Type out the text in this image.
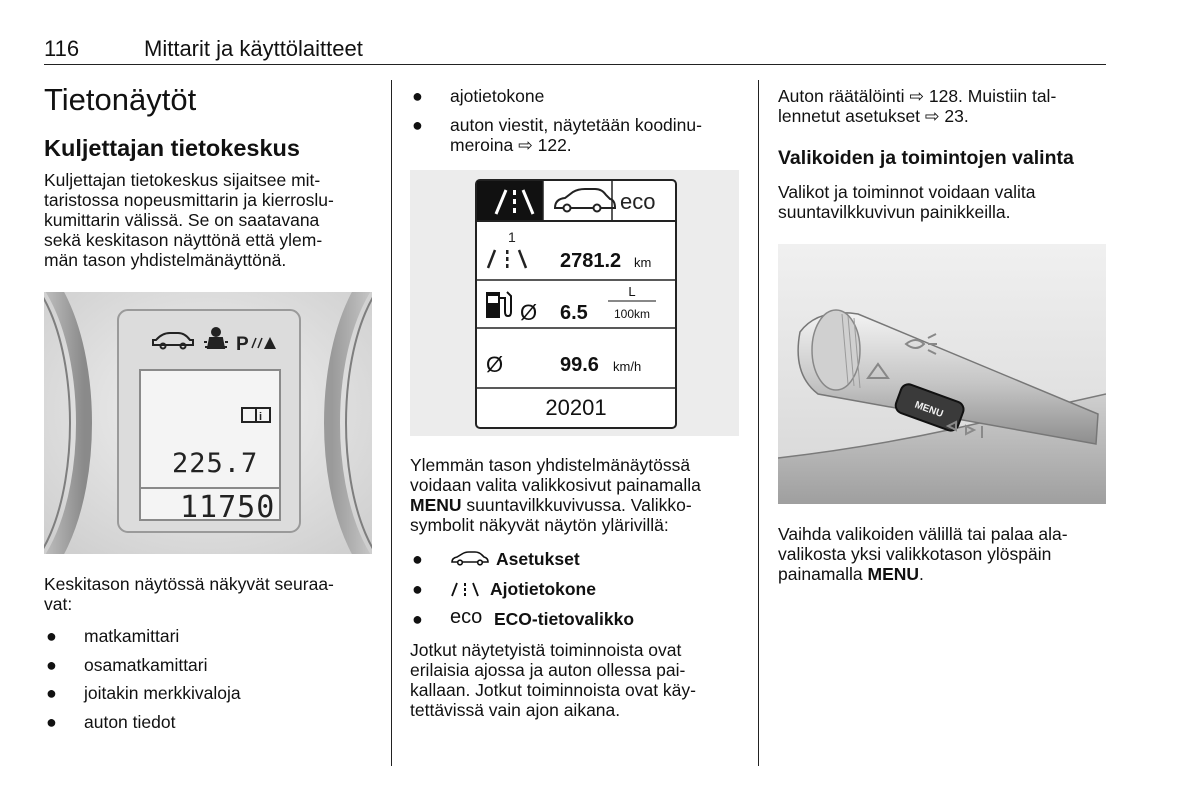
116	Mittarit ja käyttölaitteet
Tietonäytöt
Kuljettajan tietokeskus

Kuljettajan tietokeskus sijaitsee mit-

taristossa nopeusmittarin ja kierroslu-

kumittarin välissä. Se on saatavana

sekä keskitason näyttönä että ylem-

män tason yhdistelmänäyttönä.

P
i
225.7
11750

Keskitason näytössä näkyvät seuraa-

vat:

● matkamittari
● osamatkamittari
● joitakin merkkivaloja
● auton tiedot
● ajotietokone
● auton viestit, näytetään koodinu-
meroina ⇨ 122.
eco
1
2781.2 km
Ø 6.5
L
100km
Ø	99.6 km/h
20201

Ylemmän tason yhdistelmänäytössä

voidaan valita valikkosivut painamalla

MENU suuntavilkkuvivussa. Valikko-

symbolit näkyvät näytön ylärivillä:

●	Asetukset
●	Ajotietokone
● eco ECO-tietovalikko

Jotkut näytetyistä toiminnoista ovat

erilaisia ajossa ja auton ollessa pai-

kallaan. Jotkut toiminnoista ovat käy-

tettävissä vain ajon aikana.

Auton räätälöinti ⇨ 128. Muistiin tal-

lennetut asetukset ⇨ 23.

Valikoiden ja toimintojen valinta

Valikot ja toiminnot voidaan valita

suuntavilkkuvivun painikkeilla.

MENU

Vaihda valikoiden välillä tai palaa ala-

valikosta yksi valikkotason ylöspäin

painamalla MENU.
